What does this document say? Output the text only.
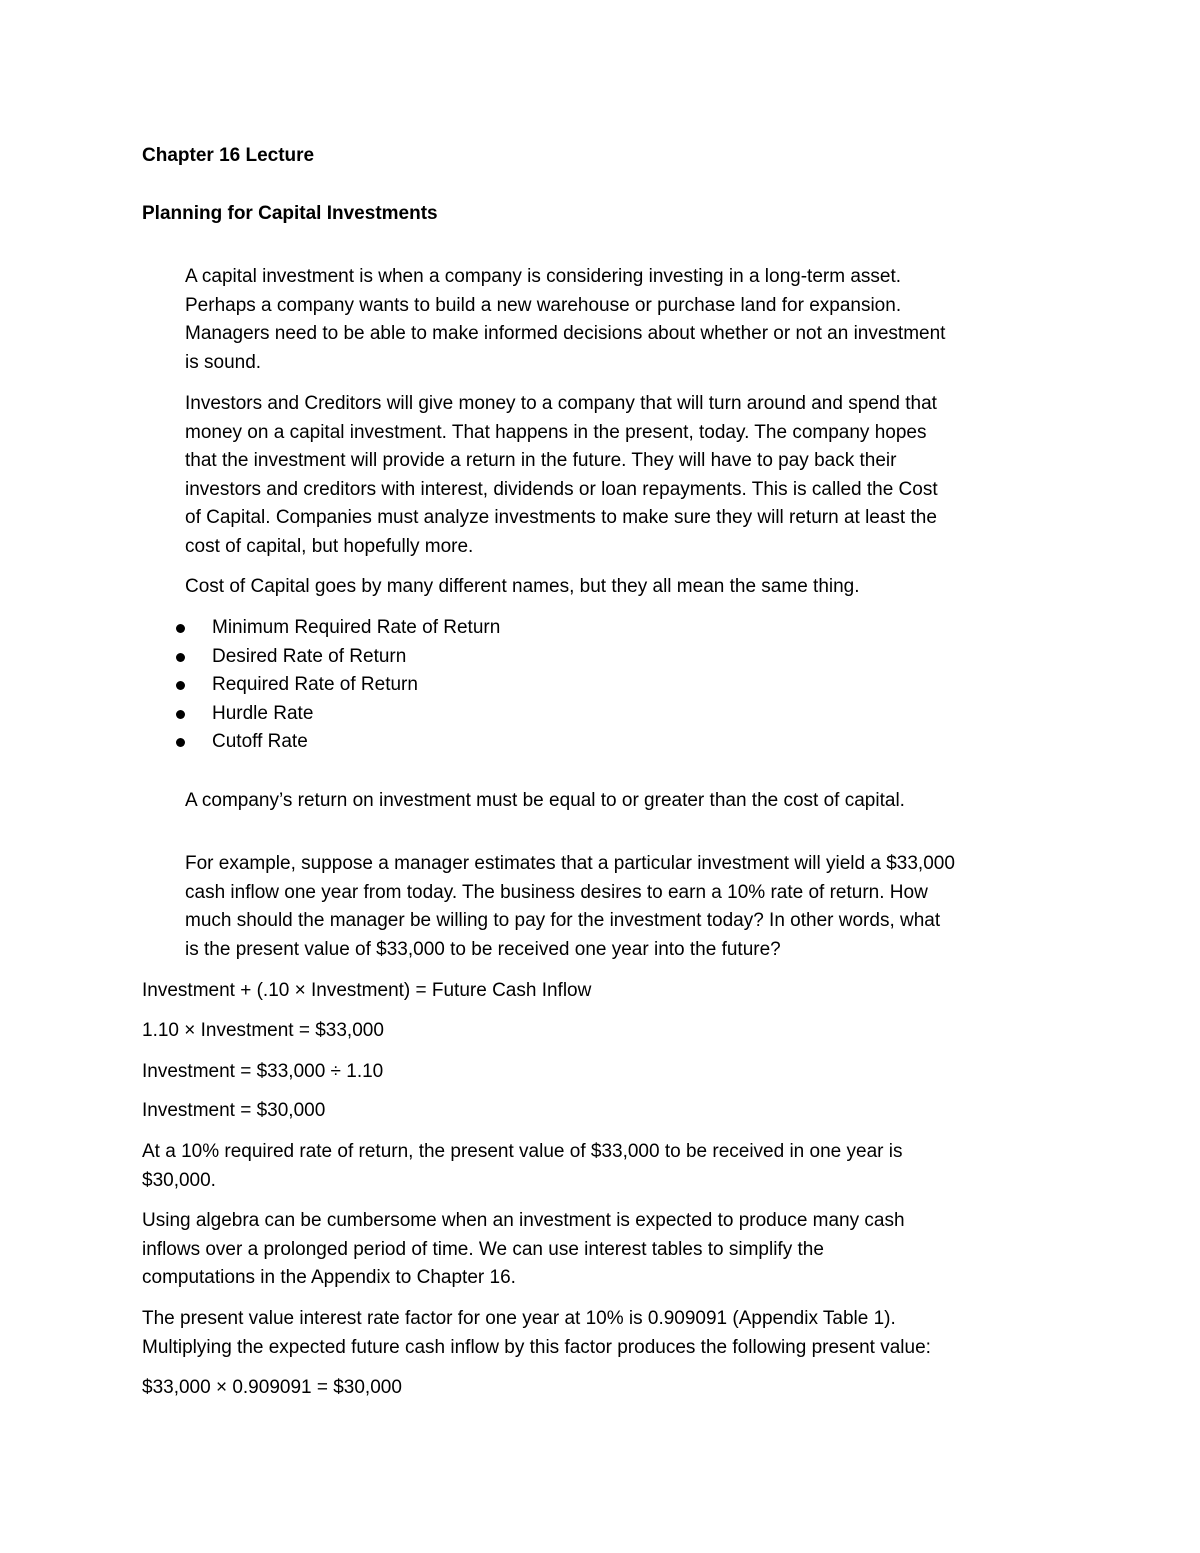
Chapter 16 Lecture
Planning for Capital Investments
A capital investment is when a company is considering investing in a long-term asset.
Perhaps a company wants to build a new warehouse or purchase land for expansion.
Managers need to be able to make informed decisions about whether or not an investment
is sound.
Investors and Creditors will give money to a company that will turn around and spend that
money on a capital investment. That happens in the present, today. The company hopes
that the investment will provide a return in the future. They will have to pay back their
investors and creditors with interest, dividends or loan repayments. This is called the Cost
of Capital. Companies must analyze investments to make sure they will return at least the
cost of capital, but hopefully more.
Cost of Capital goes by many different names, but they all mean the same thing.
Minimum Required Rate of Return
Desired Rate of Return
Required Rate of Return
Hurdle Rate
Cutoff Rate
A company’s return on investment must be equal to or greater than the cost of capital.
For example, suppose a manager estimates that a particular investment will yield a $33,000
cash inflow one year from today. The business desires to earn a 10% rate of return. How
much should the manager be willing to pay for the investment today? In other words, what
is the present value of $33,000 to be received one year into the future?
Investment + (.10 × Investment) = Future Cash Inflow
1.10 × Investment = $33,000
Investment = $33,000 ÷ 1.10
Investment = $30,000
At a 10% required rate of return, the present value of $33,000 to be received in one year is
$30,000.
Using algebra can be cumbersome when an investment is expected to produce many cash
inflows over a prolonged period of time. We can use interest tables to simplify the
computations in the Appendix to Chapter 16.
The present value interest rate factor for one year at 10% is 0.909091 (Appendix Table 1).
Multiplying the expected future cash inflow by this factor produces the following present value:
$33,000 × 0.909091 = $30,000
